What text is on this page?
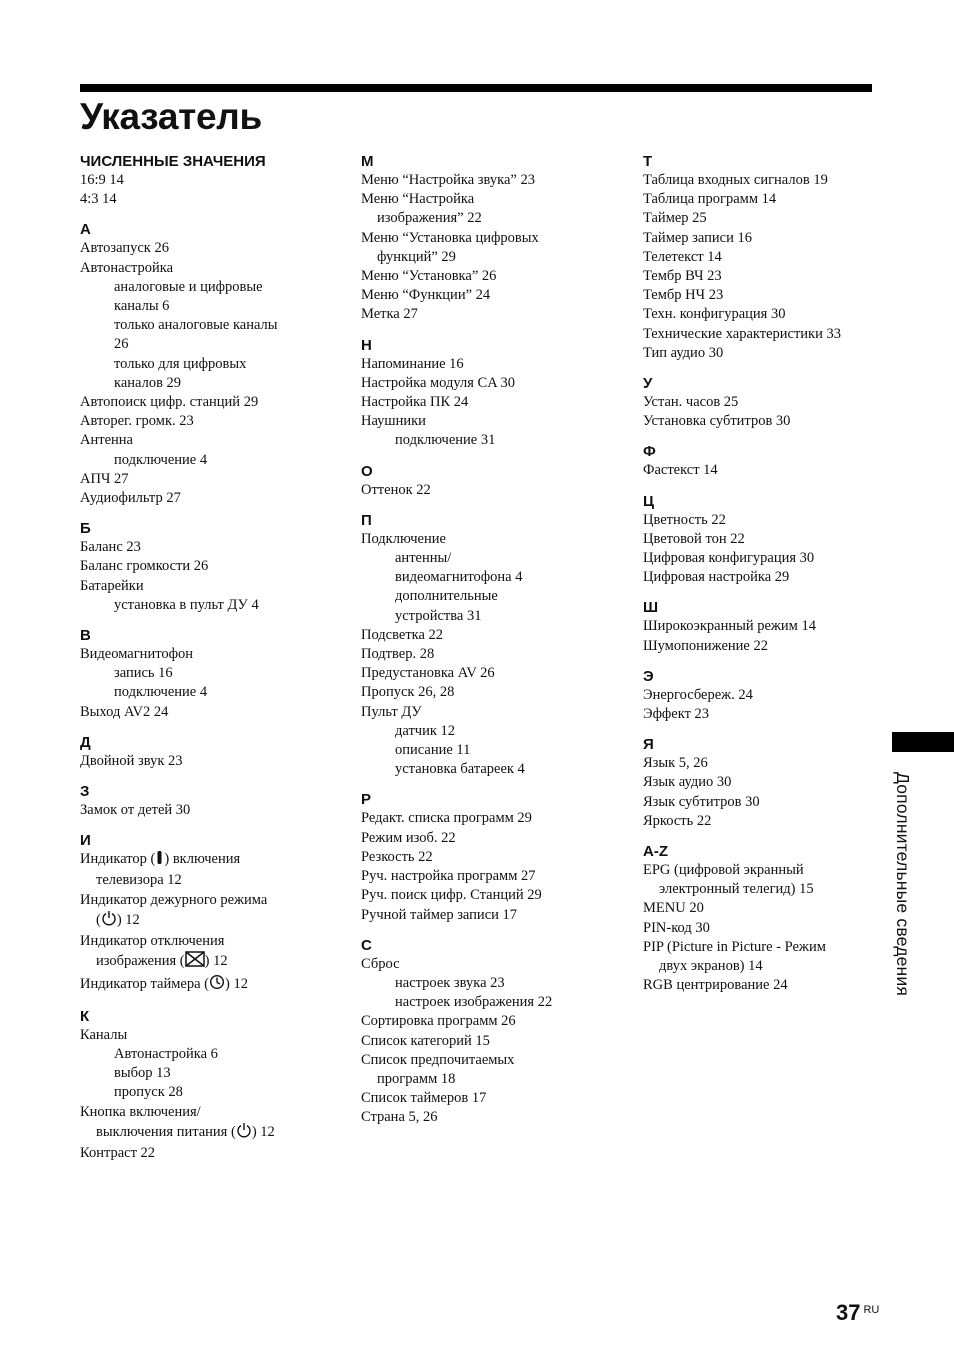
Указатель
ЧИСЛЕННЫЕ ЗНАЧЕНИЯ
16:9 14
4:3 14
А
Автозапуск 26
Автонастройка
аналоговые и цифровые
каналы 6
только аналоговые каналы
26
только для цифровых
каналов 29
Автопоиск цифр. станций 29
Авторег. громк. 23
Антенна
подключение 4
АПЧ 27
Аудиофильтр 27
Б
Баланс 23
Баланс громкости 26
Батарейки
установка в пульт ДУ 4
В
Видеомагнитофон
запись 16
подключение 4
Выход AV2 24
Д
Двойной звук 23
З
Замок от детей 30
И
Индикатор ( ) включения
телевизора 12
Индикатор дежурного режима
( ) 12
Индикатор отключения
изображения ( ) 12
Индикатор таймера ( ) 12
К
Каналы
Автонастройка 6
выбор 13
пропуск 28
Кнопка включения/
выключения питания ( ) 12
Контраст 22
М
Меню “Настройка звука” 23
Меню “Настройка
изображения” 22
Меню “Установка цифровых
функций” 29
Меню “Установка” 26
Меню “Функции” 24
Метка 27
Н
Напоминание 16
Настройка модуля CA 30
Настройка ПК 24
Наушники
подключение 31
О
Оттенок 22
П
Подключение
антенны/
видеомагнитофона 4
дополнительные
устройства 31
Подсветка 22
Подтвер. 28
Предустановка AV 26
Пропуск 26, 28
Пульт ДУ
датчик 12
описание 11
установка батареек 4
Р
Редакт. списка программ 29
Режим изоб. 22
Резкость 22
Руч. настройка программ 27
Руч. поиск цифр. Станций 29
Ручной таймер записи 17
С
Сброс
настроек звука 23
настроек изображения 22
Сортировка программ 26
Список категорий 15
Список предпочитаемых
программ 18
Список таймеров 17
Страна 5, 26
Т
Таблица входных сигналов 19
Таблица программ 14
Таймер 25
Таймер записи 16
Телетекст 14
Тембр ВЧ 23
Тембр НЧ 23
Техн. конфигурация 30
Технические характеристики 33
Тип аудио 30
У
Устан. часов 25
Установка субтитров 30
Ф
Фастекст 14
Ц
Цветность 22
Цветовой тон 22
Цифровая конфигурация 30
Цифровая настройка 29
Ш
Широкоэкранный режим 14
Шумопонижение 22
Э
Энергосбереж. 24
Эффект 23
Я
Язык 5, 26
Язык аудио 30
Язык субтитров 30
Яркость 22
A-Z
EPG (цифровой экранный
электронный телегид) 15
MENU 20
PIN-код 30
PIP (Picture in Picture - Режим
двух экранов) 14
RGB центрирование 24	Дополнительные сведения
37 $^{RU}$
